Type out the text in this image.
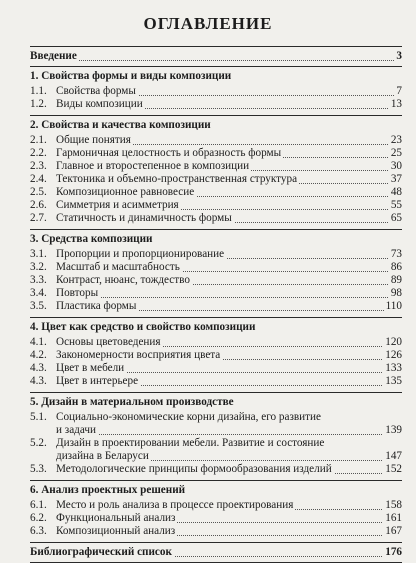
ОГЛАВЛЕНИЕ
Введение	3
1. Свойства формы и виды композиции
1.1. Свойства формы	7
1.2. Виды композиции	13
2. Свойства и качества композиции
2.1. Общие понятия	23
2.2. Гармоничная целостность и образность формы	25
2.3. Главное и второстепенное в композиции	30
2.4. Тектоника и объемно-пространственная структура	37
2.5. Композиционное равновесие	48
2.6. Симметрия и асимметрия	55
2.7. Статичность и динамичность формы	65
3. Средства композиции
3.1. Пропорции и пропорционирование	73
3.2. Масштаб и масштабность	86
3.3. Контраст, нюанс, тождество	89
3.4. Повторы	98
3.5. Пластика формы	110
4. Цвет как средство и свойство композиции
4.1. Основы цветоведения	120
4.2. Закономерности восприятия цвета	126
4.3. Цвет в мебели	133
4.3. Цвет в интерьере	135
5. Дизайн в материальном производстве
5.1. Социально-экономические корни дизайна, его развитие
и задачи	139
5.2. Дизайн в проектировании мебели. Развитие и состояние
дизайна в Беларуси	147
5.3. Методологические принципы формообразования изделий	152
6. Анализ проектных решений
6.1. Место и роль анализа в процессе проектирования	158
6.2. Функциональный анализ	161
6.3. Композиционный анализ	167
Библиографический список	176
